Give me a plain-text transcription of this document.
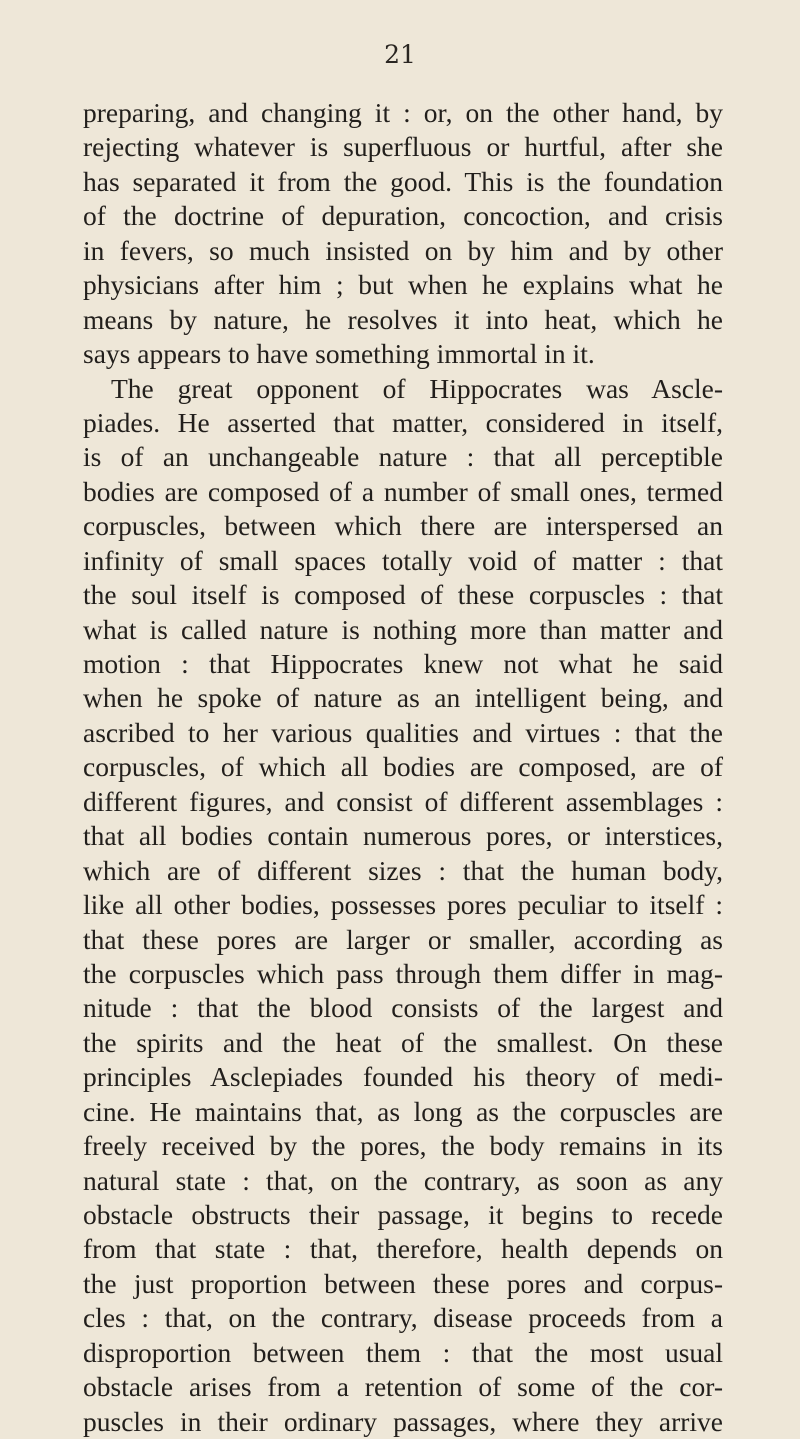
21
preparing, and changing it : or, on the other hand, by
rejecting whatever is superfluous or hurtful, after she
has separated it from the good. This is the foundation
of the doctrine of depuration, concoction, and crisis
in fevers, so much insisted on by him and by other
physicians after him ; but when he explains what he
means by nature, he resolves it into heat, which he
says appears to have something immortal in it.
The great opponent of Hippocrates was Ascle-
piades. He asserted that matter, considered in itself,
is of an unchangeable nature : that all perceptible
bodies are composed of a number of small ones, termed
corpuscles, between which there are interspersed an
infinity of small spaces totally void of matter : that
the soul itself is composed of these corpuscles : that
what is called nature is nothing more than matter and
motion : that Hippocrates knew not what he said
when he spoke of nature as an intelligent being, and
ascribed to her various qualities and virtues : that the
corpuscles, of which all bodies are composed, are of
different figures, and consist of different assemblages :
that all bodies contain numerous pores, or interstices,
which are of different sizes : that the human body,
like all other bodies, possesses pores peculiar to itself :
that these pores are larger or smaller, according as
the corpuscles which pass through them differ in mag-
nitude : that the blood consists of the largest and
the spirits and the heat of the smallest. On these
principles Asclepiades founded his theory of medi-
cine. He maintains that, as long as the corpuscles are
freely received by the pores, the body remains in its
natural state : that, on the contrary, as soon as any
obstacle obstructs their passage, it begins to recede
from that state : that, therefore, health depends on
the just proportion between these pores and corpus-
cles : that, on the contrary, disease proceeds from a
disproportion between them : that the most usual
obstacle arises from a retention of some of the cor-
puscles in their ordinary passages, where they arrive
